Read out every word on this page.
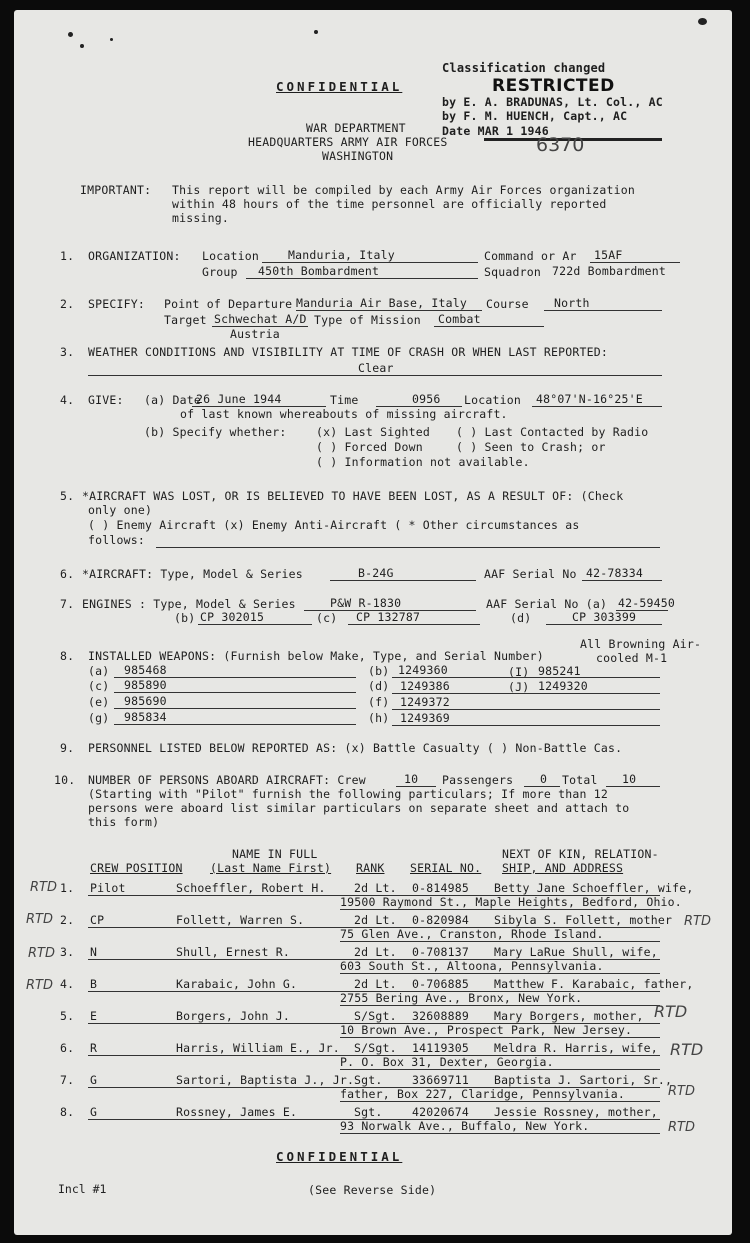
CONFIDENTIAL
Classification changed
RESTRICTED
by E. A. BRADUNAS, Lt. Col., AC
by F. M. HUENCH, Capt., AC
Date MAR 1 1946
6370
WAR DEPARTMENT
HEADQUARTERS ARMY AIR FORCES
WASHINGTON
IMPORTANT: This report will be compiled by each Army Air Forces organization
within 48 hours of the time personnel are officially reported
missing.
1. ORGANIZATION: Location	Manduria, Italy	Command or Ar 15AF
Group 450th Bombardment	Squadron 722d Bombardment
2. SPECIFY: Point of Departure Manduria Air Base, Italy Course North
Target Schwechat A/D Type of Mission Combat
Austria
3. WEATHER CONDITIONS AND VISIBILITY AT TIME OF CRASH OR WHEN LAST REPORTED:
Clear
4. GIVE: (a) Date
26 June 1944	Time	0956 Location 48°07'N-16°25'E
of last known whereabouts of missing aircraft.
(b) Specify whether:	(x) Last Sighted ( ) Last Contacted by Radio
( ) Forced Down	( ) Seen to Crash; or
( ) Information not available.
5. *AIRCRAFT WAS LOST, OR IS BELIEVED TO HAVE BEEN LOST, AS A RESULT OF: (Check
only one)
( ) Enemy Aircraft (x) Enemy Anti-Aircraft ( * Other circumstances as
follows:
6. *AIRCRAFT: Type, Model & Series	B-24G	AAF Serial No 42-78334
7. ENGINES : Type, Model & Series	P&W R-1830	AAF Serial No (a) 42-59450
(b) CP 302015	(c) CP 132787	(d)	CP 303399
8. INSTALLED WEAPONS: (Furnish below Make, Type, and Serial Number)
All Browning Air-
cooled M-1
(a) 985468	(b) 1249360	(I) 985241
(c) 985890	(d) 1249386	(J) 1249320
(e) 985690	(f) 1249372
(g) 985834	(h) 1249369
9. PERSONNEL LISTED BELOW REPORTED AS: (x) Battle Casualty ( ) Non-Battle Cas.
10. NUMBER OF PERSONS ABOARD AIRCRAFT: Crew	10 Passengers 0 Total 10
(Starting with "Pilot" furnish the following particulars; If more than 12
persons were aboard list similar particulars on separate sheet and attach to
this form)
NAME IN FULL	NEXT OF KIN, RELATION-
CREW POSITION (Last Name First) RANK SERIAL NO. SHIP, AND ADDRESS
1. Pilot	Schoeffler, Robert H. 2d Lt. 0-814985 Betty Jane Schoeffler, wife,
19500 Raymond St., Maple Heights, Bedford, Ohio.
2. CP	Follett, Warren S.	2d Lt. 0-820984 Sibyla S. Follett, mother
75 Glen Ave., Cranston, Rhode Island.
3. N	Shull, Ernest R.	2d Lt. 0-708137 Mary LaRue Shull, wife,
603 South St., Altoona, Pennsylvania.
4. B	Karabaic, John G.	2d Lt. 0-706885 Matthew F. Karabaic, father,
2755 Bering Ave., Bronx, New York.
5. E	Borgers, John J.	S/Sgt. 32608889 Mary Borgers, mother,
10 Brown Ave., Prospect Park, New Jersey.
6. R	Harris, William E., Jr. S/Sgt. 14119305 Meldra R. Harris, wife,
P. O. Box 31, Dexter, Georgia.
7. G	Sartori, Baptista J., Jr. Sgt.	33669711 Baptista J. Sartori, Sr.,
father, Box 227, Claridge, Pennsylvania.
8. G	Rossney, James E.	Sgt.	42020674 Jessie Rossney, mother,
93 Norwalk Ave., Buffalo, New York.
RTD
RTD	RTD
RTD
RTD
RTD
RTD
RTD
RTD
CONFIDENTIAL
Incl #1	(See Reverse Side)
